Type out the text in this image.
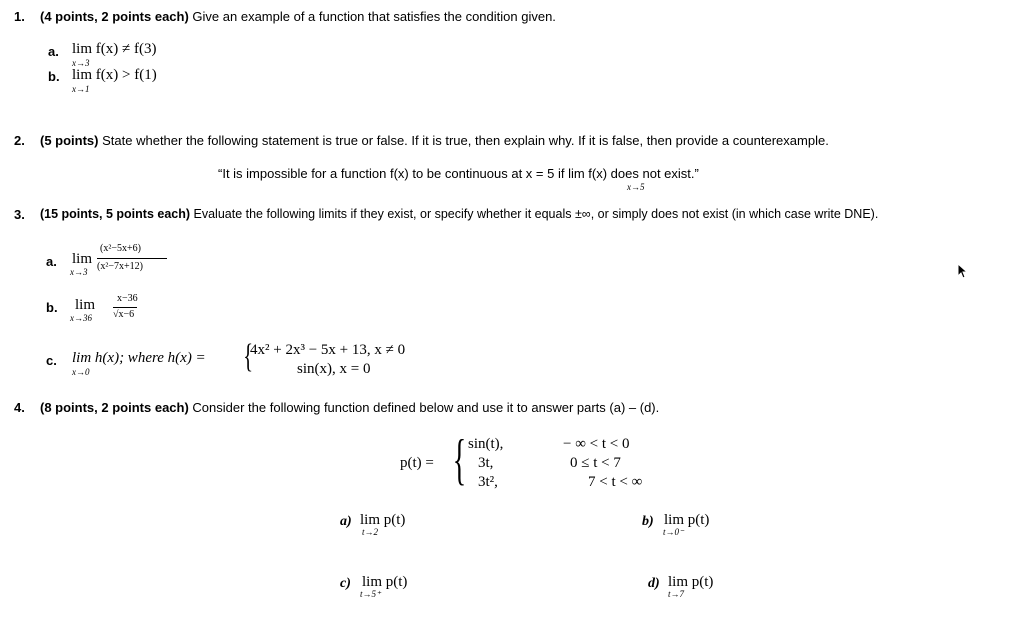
1. (4 points, 2 points each) Give an example of a function that satisfies the condition given.
a. lim f(x) ≠ f(3)
x→3
b. lim f(x) > f(1)
x→1
2. (5 points) State whether the following statement is true or false. If it is true, then explain why. If it is false, then provide a counterexample.
“It is impossible for a function f(x) to be continuous at x = 5 if lim f(x) does not exist.”
x→5
3. (15 points, 5 points each) Evaluate the following limits if they exist, or specify whether it equals ±∞, or simply does not exist (in which case write DNE).
a. lim
x→3
(x²−5x+6)
(x²−7x+12)
b. lim
x→36
x−36
√x−6
c. lim h(x); where h(x) =
x→0	{
4x² + 2x³ − 5x + 13, x ≠ 0
sin(x), x = 0
4. (8 points, 2 points each) Consider the following function defined below and use it to answer parts (a) – (d).
p(t) = { sin(t),	− ∞ < t < 0
3t,	0 ≤ t < 7
3t²,	7 < t < ∞
a) lim p(t)
t→2
b) lim p(t)
t→0⁻
c) lim p(t)
t→5⁺
d) lim p(t)
t→7
